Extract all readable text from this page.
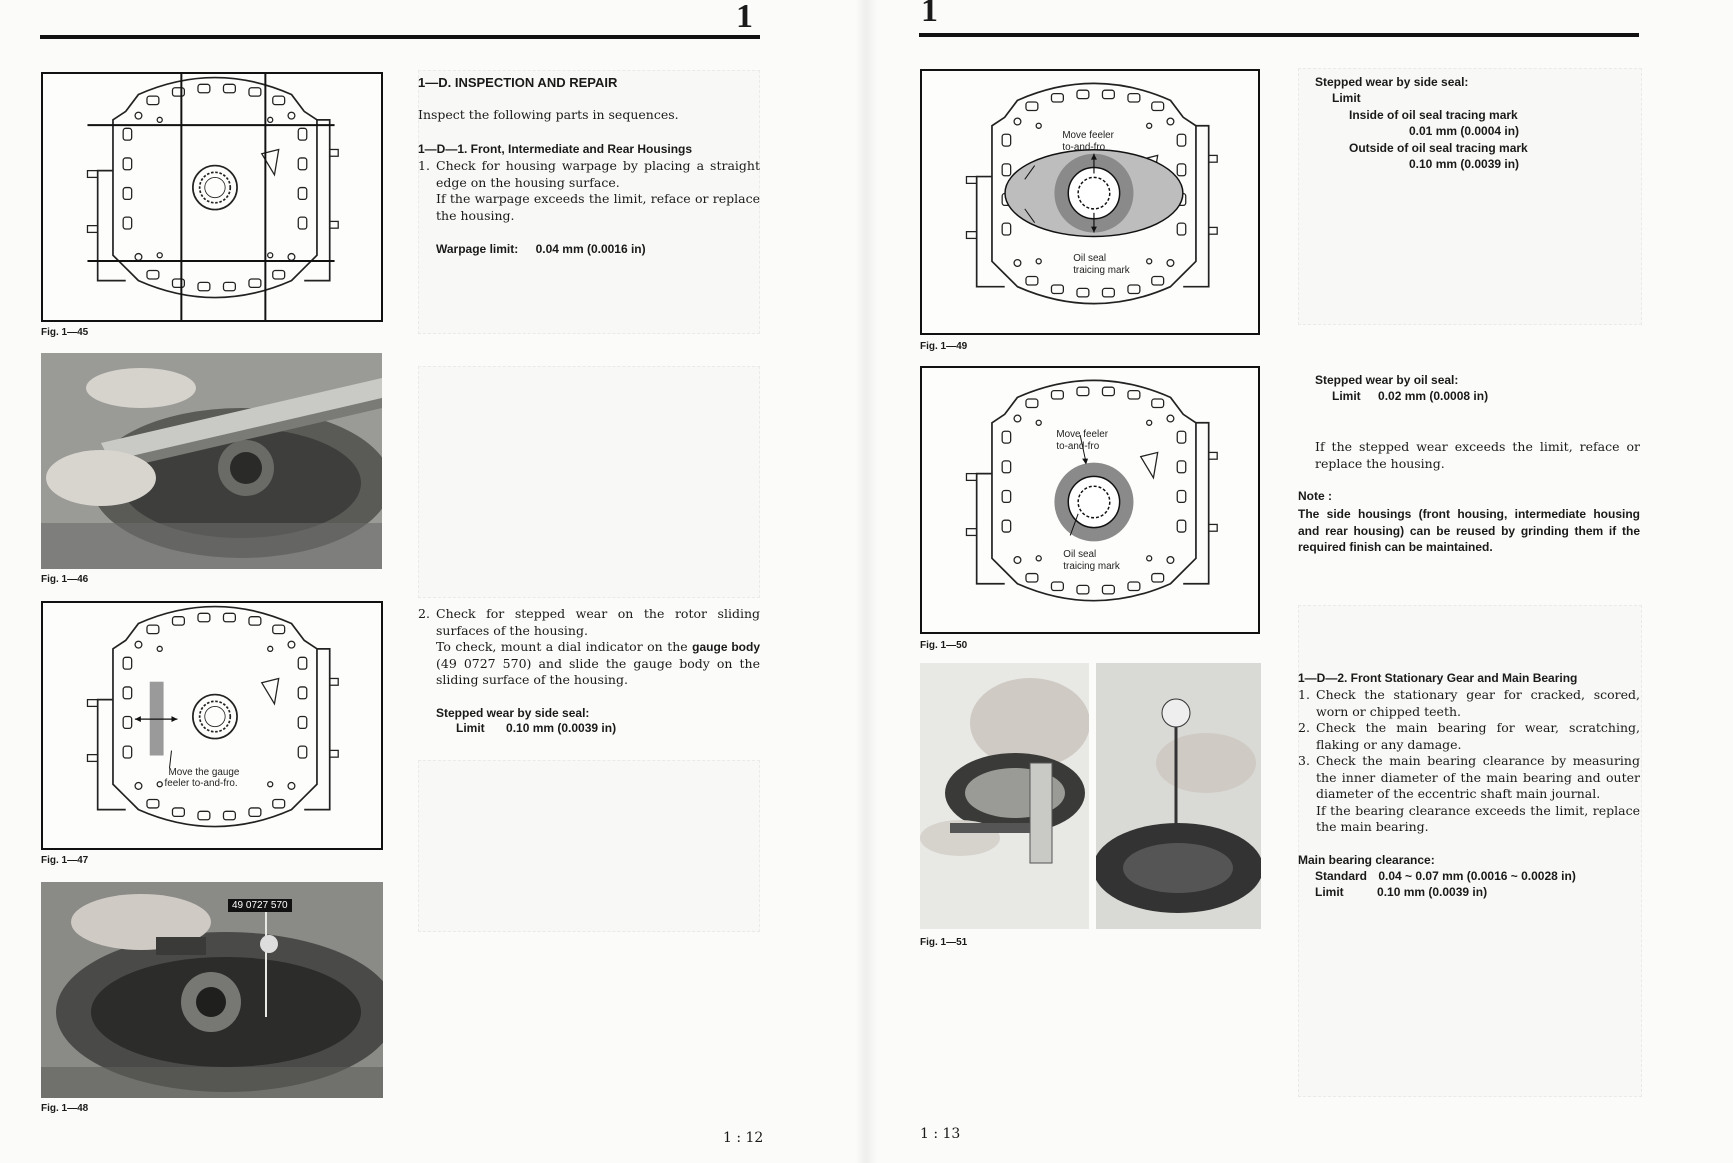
1
Fig. 1—45
Fig. 1—46
Move the gauge
feeler to-and-fro.
Fig. 1—47
49 0727 570
Fig. 1—48
1—D. INSPECTION AND REPAIR
Inspect the following parts in sequences.
1—D—1. Front, Intermediate and Rear Housings
1. Check for housing warpage by placing a straight edge on the housing surface.
If the warpage exceeds the limit, reface or replace the housing.
Warpage limit: 0.04 mm (0.0016 in)
2. Check for stepped wear on the rotor sliding surfaces of the housing.
To check, mount a dial indicator on the gauge body (49 0727 570) and slide the gauge body on the sliding surface of the housing.
Stepped wear by side seal:
Limit 0.10 mm (0.0039 in)
1 : 12
1
Move feeler
to-and-fro
Oil seal
traicing mark
Fig. 1—49
Move feeler
to-and-fro
Oil seal
traicing mark
Fig. 1—50
Fig. 1—51
Stepped wear by side seal:
Limit
Inside of oil seal tracing mark
0.01 mm (0.0004 in)
Outside of oil seal tracing mark
0.10 mm (0.0039 in)
Stepped wear by oil seal:
Limit 0.02 mm (0.0008 in)
If the stepped wear exceeds the limit, reface or replace the housing.
Note :
The side housings (front housing, intermediate housing and rear housing) can be reused by grinding them if the required finish can be maintained.
1—D—2. Front Stationary Gear and Main Bearing
1. Check the stationary gear for cracked, scored, worn or chipped teeth.
2. Check the main bearing for wear, scratching, flaking or any damage.
3. Check the main bearing clearance by measuring the inner diameter of the main bearing and outer diameter of the eccentric shaft main journal.
If the bearing clearance exceeds the limit, replace the main bearing.
Main bearing clearance:
Standard 0.04 ~ 0.07 mm (0.0016 ~ 0.0028 in)
Limit	0.10 mm (0.0039 in)
1 : 13
